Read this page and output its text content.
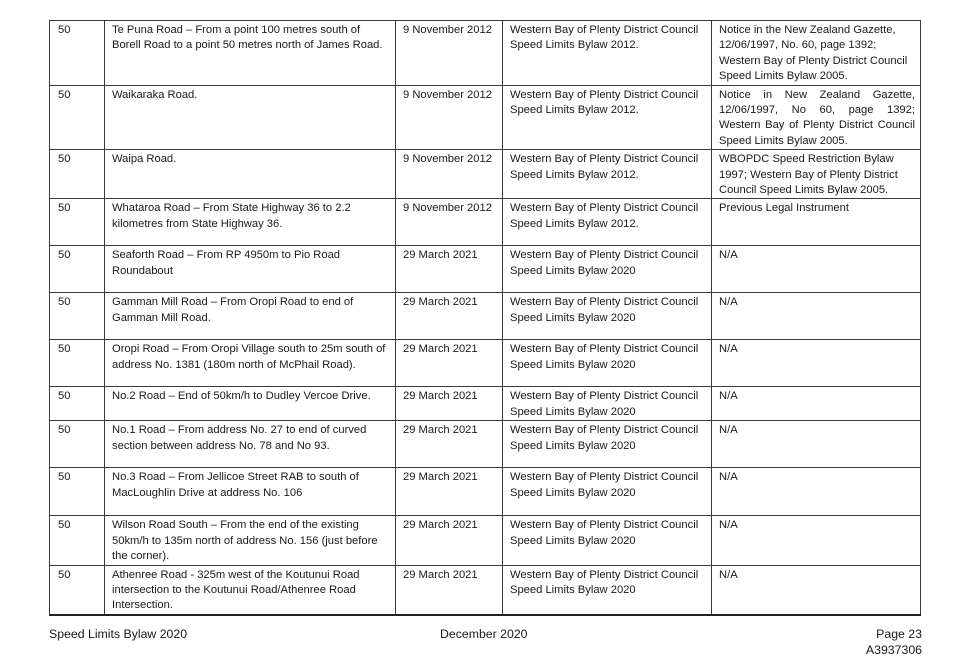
50	Te Puna Road – From a point 100 metres south of Borell Road to a point 50 metres north of James Road.	9 November 2012	Western Bay of Plenty District Council Speed Limits Bylaw 2012.	Notice in the New Zealand Gazette, 12/06/1997, No. 60, page 1392; Western Bay of Plenty District Council Speed Limits Bylaw 2005.
50	Waikaraka Road.	9 November 2012	Western Bay of Plenty District Council Speed Limits Bylaw 2012.	Notice in New Zealand Gazette, 12/06/1997, No 60, page 1392; Western Bay of Plenty District Council Speed Limits Bylaw 2005.
50	Waipa Road.	9 November 2012	Western Bay of Plenty District Council Speed Limits Bylaw 2012.	WBOPDC Speed Restriction Bylaw 1997; Western Bay of Plenty District Council Speed Limits Bylaw 2005.
50	Whataroa Road – From State Highway 36 to 2.2 kilometres from State Highway 36.	9 November 2012	Western Bay of Plenty District Council Speed Limits Bylaw 2012.	Previous Legal Instrument
50	Seaforth Road – From RP 4950m to Pio Road Roundabout	29 March 2021	Western Bay of Plenty District Council Speed Limits Bylaw 2020	N/A
50	Gamman Mill Road – From Oropi Road to end of Gamman Mill Road.	29 March 2021	Western Bay of Plenty District Council Speed Limits Bylaw 2020	N/A
50	Oropi Road – From Oropi Village south to 25m south of address No. 1381 (180m north of McPhail Road).	29 March 2021	Western Bay of Plenty District Council Speed Limits Bylaw 2020	N/A
50	No.2 Road – End of 50km/h to Dudley Vercoe Drive.	29 March 2021	Western Bay of Plenty District Council Speed Limits Bylaw 2020	N/A
50	No.1 Road – From address No. 27 to end of curved section between address No. 78 and No 93.	29 March 2021	Western Bay of Plenty District Council Speed Limits Bylaw 2020	N/A
50	No.3 Road – From Jellicoe Street RAB to south of MacLoughlin Drive at address No. 106	29 March 2021	Western Bay of Plenty District Council Speed Limits Bylaw 2020	N/A
50	Wilson Road South – From the end of the existing 50km/h to 135m north of address No. 156 (just before the corner).	29 March 2021	Western Bay of Plenty District Council Speed Limits Bylaw 2020	N/A
50	Athenree Road - 325m west of the Koutunui Road intersection to the Koutunui Road/Athenree Road Intersection.	29 March 2021	Western Bay of Plenty District Council Speed Limits Bylaw 2020	N/A
Speed Limits Bylaw 2020	December 2020	Page 23
A3937306
